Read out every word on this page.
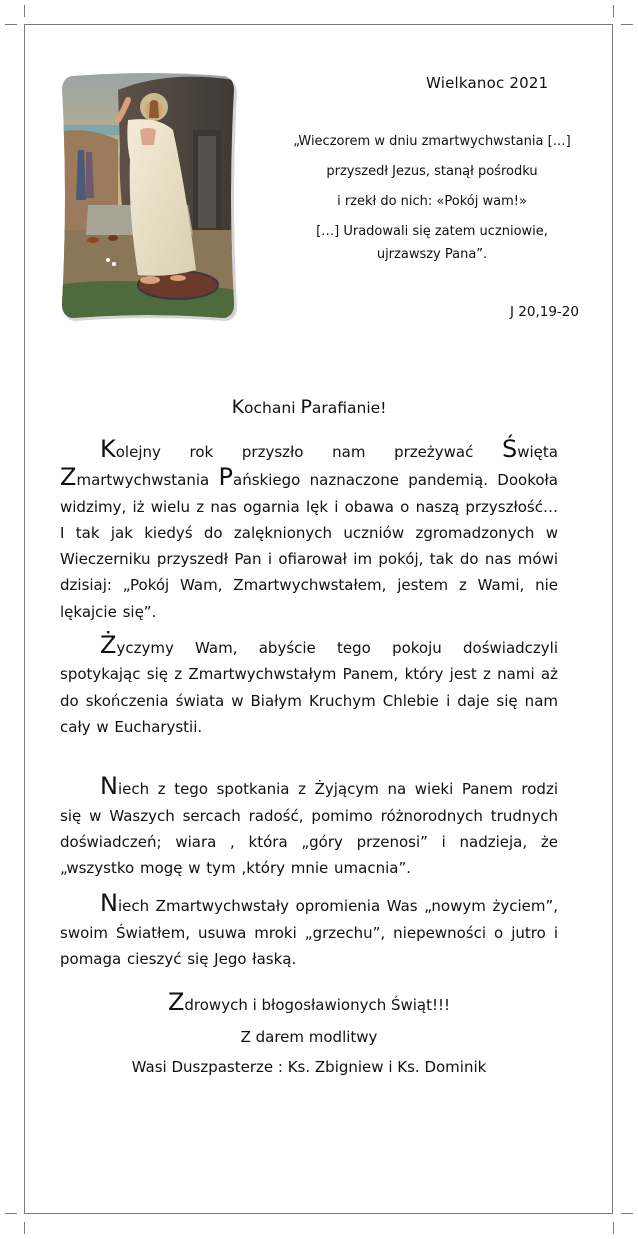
Wielkanoc 2021
„Wieczorem w dniu zmartwychwstania […]
przyszedł Jezus, stanął pośrodku
i rzekł do nich: «Pokój wam!»
[…] Uradowali się zatem uczniowie,
ujrzawszy Pana”.
J 20,19-20

Kochani Parafianie!

Kolejny rok przyszło nam przeżywać Święta Zmartwychwstania Pańskiego naznaczone pandemią. Dookoła widzimy, iż wielu z nas ogarnia lęk i obawa o naszą przyszłość… I tak jak kiedyś do zalęknionych uczniów zgromadzonych w Wieczerniku przyszedł Pan i ofiarował im pokój, tak do nas mówi dzisiaj: „Pokój Wam, Zmartwychwstałem, jestem z Wami, nie lękajcie się”.

Życzymy Wam, abyście tego pokoju doświadczyli spotykając się z Zmartwychwstałym Panem, który jest z nami aż do skończenia świata w Białym Kruchym Chlebie i daje się nam cały w Eucharystii.

Niech z tego spotkania z Żyjącym na wieki Panem rodzi się w Waszych sercach radość, pomimo różnorodnych trudnych doświadczeń; wiara , która „góry przenosi” i nadzieja, że „wszystko mogę w tym ,który mnie umacnia”.

Niech Zmartwychwstały opromienia Was „nowym życiem”, swoim Światłem, usuwa mroki „grzechu”, niepewności o jutro i pomaga cieszyć się Jego łaską.

Zdrowych i błogosławionych Świąt!!!

Z darem modlitwy

Wasi Duszpasterze : Ks. Zbigniew i Ks. Dominik
